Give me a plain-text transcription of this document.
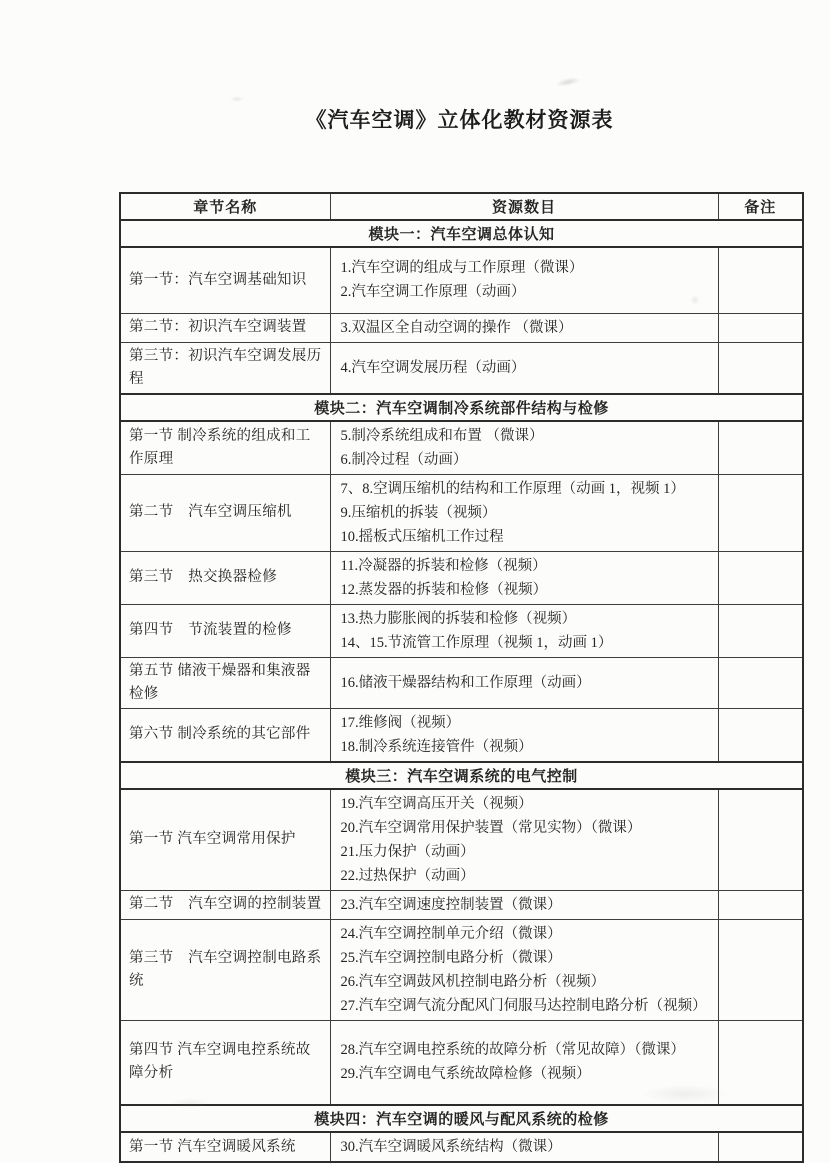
《汽车空调》立体化教材资源表
章节名称	资源数目	备注
模块一：汽车空调总体认知		
第一节：汽车空调基础知识	1.汽车空调的组成与工作原理（微课）
2.汽车空调工作原理（动画）	

第二节：初识汽车空调装置	3.双温区全自动空调的操作 （微课）	

第三节：初识汽车空调发展历程	4.汽车空调发展历程（动画）	

模块二：汽车空调制冷系统部件结构与检修		
第一节 制冷系统的组成和工作原理	5.制冷系统组成和布置 （微课）
6.制冷过程（动画）	

第二节　汽车空调压缩机	7、8.空调压缩机的结构和工作原理（动画 1，视频 1）
9.压缩机的拆装（视频）
10.摇板式压缩机工作过程	

第三节　热交换器检修	11.冷凝器的拆装和检修（视频）
12.蒸发器的拆装和检修（视频）	

第四节　节流装置的检修	13.热力膨胀阀的拆装和检修（视频）
14、15.节流管工作原理（视频 1，动画 1）	

第五节 储液干燥器和集液器检修	16.储液干燥器结构和工作原理（动画）	

第六节 制冷系统的其它部件	17.维修阀（视频）
18.制冷系统连接管件（视频）	

模块三：汽车空调系统的电气控制		
第一节 汽车空调常用保护	19.汽车空调高压开关（视频）
20.汽车空调常用保护装置（常见实物）（微课）
21.压力保护（动画）
22.过热保护（动画）	

第二节　汽车空调的控制装置	23.汽车空调速度控制装置（微课）	

第三节　汽车空调控制电路系统	24.汽车空调控制单元介绍（微课）
25.汽车空调控制电路分析（微课）
26.汽车空调鼓风机控制电路分析（视频）
27.汽车空调气流分配风门伺服马达控制电路分析（视频）	

第四节 汽车空调电控系统故障分析	28.汽车空调电控系统的故障分析（常见故障）（微课）
29.汽车空调电气系统故障检修（视频）	

模块四：汽车空调的暖风与配风系统的检修		
第一节 汽车空调暖风系统	30.汽车空调暖风系统结构（微课）	
